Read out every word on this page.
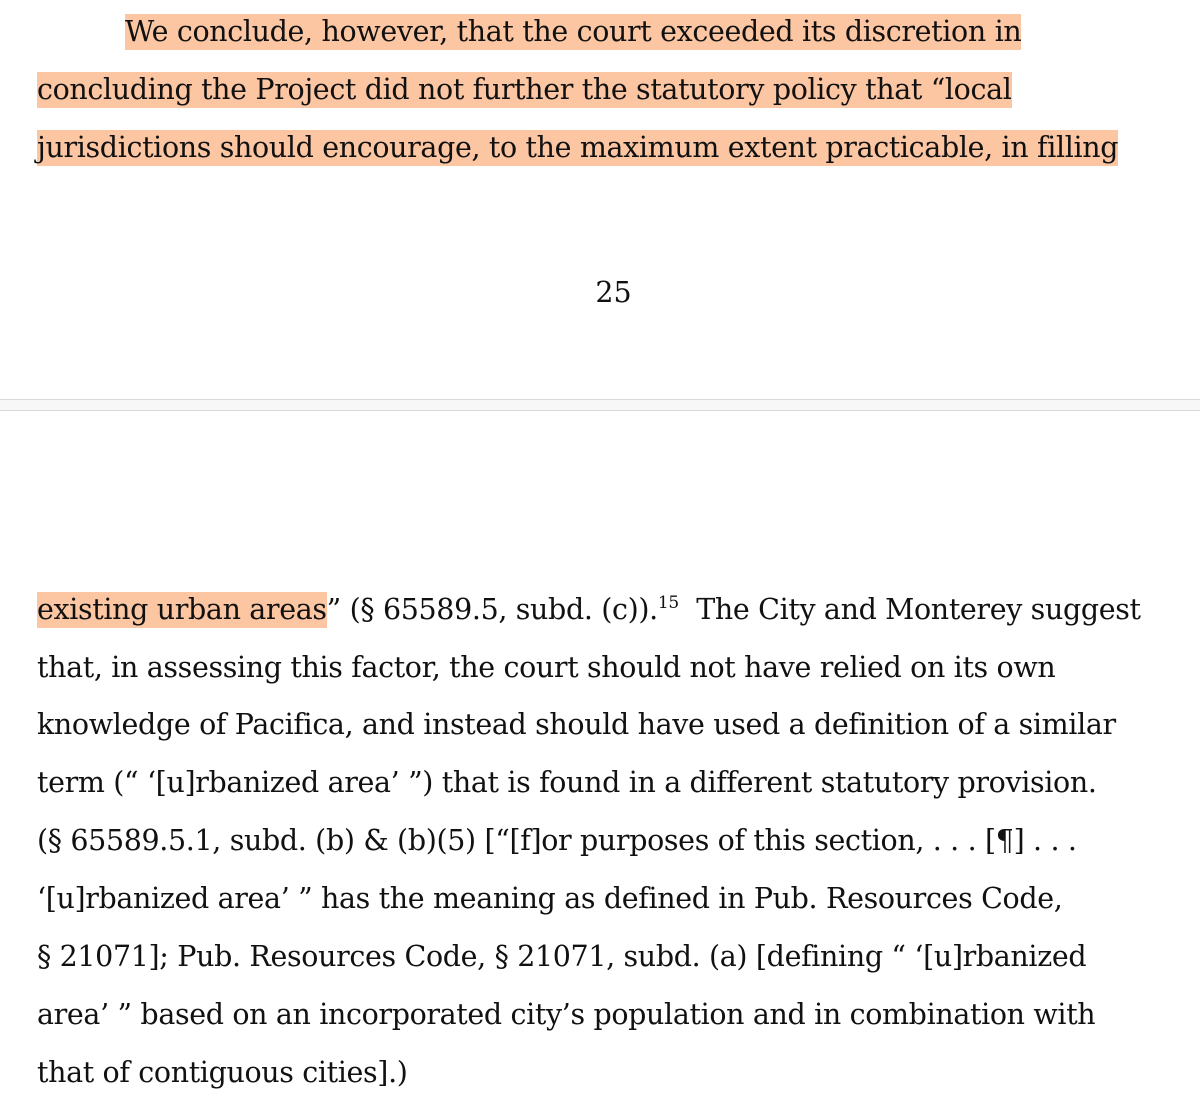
We conclude, however, that the court exceeded its discretion in
concluding the Project did not further the statutory policy that “local
jurisdictions should encourage, to the maximum extent practicable, in filling
25
existing urban areas” (§ 65589.5, subd. (c)).$^{15}$  The City and Monterey suggest
that, in assessing this factor, the court should not have relied on its own
knowledge of Pacifica, and instead should have used a definition of a similar
term (“ ‘[u]rbanized area’ ”) that is found in a different statutory provision.
(§ 65589.5.1, subd. (b) & (b)(5) [“[f]or purposes of this section, . . . [¶] . . .
‘[u]rbanized area’ ” has the meaning as defined in Pub. Resources Code,
§ 21071]; Pub. Resources Code, § 21071, subd. (a) [defining “ ‘[u]rbanized
area’ ” based on an incorporated city’s population and in combination with
that of contiguous cities].)
